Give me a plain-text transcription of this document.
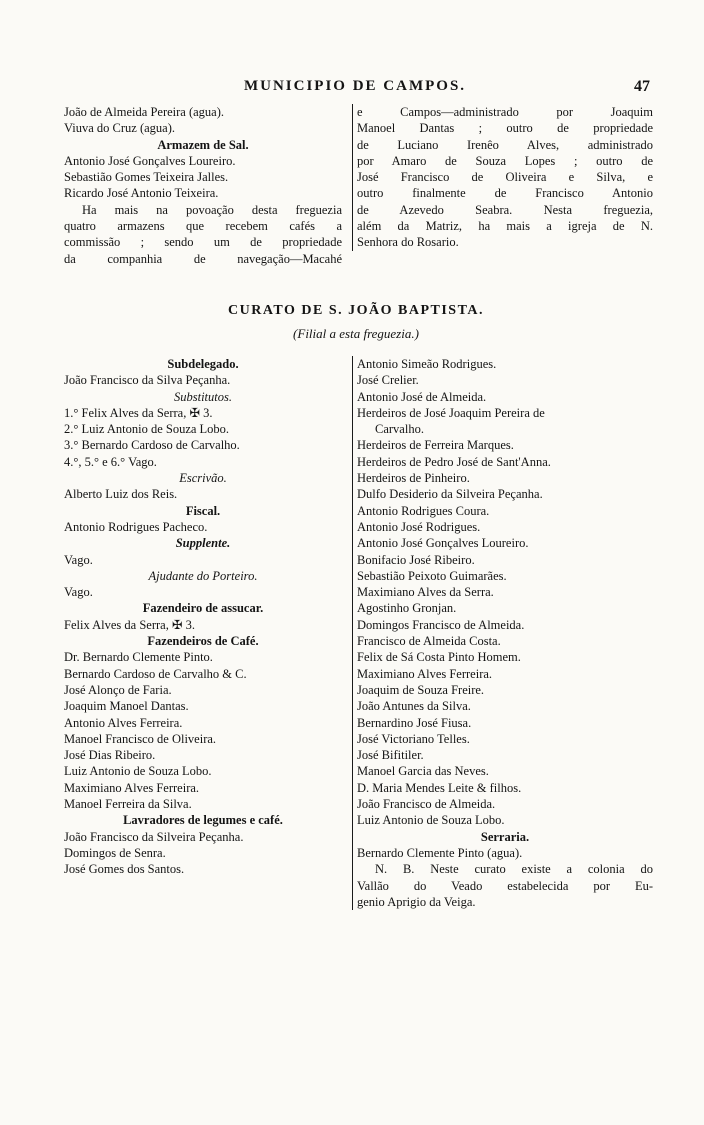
MUNICIPIO DE CAMPOS.	47
João de Almeida Pereira (agua).
Viuva do Cruz (agua).
Armazem de Sal.
Antonio José Gonçalves Loureiro.
Sebastião Gomes Teixeira Jalles.
Ricardo José Antonio Teixeira.
Ha mais na povoação desta freguezia
quatro armazens que recebem cafés a
commissão ; sendo um de propriedade
da companhia de navegação—Macahé
e Campos—administrado por Joaquim
Manoel Dantas ; outro de propriedade
de Luciano Irenêo Alves, administrado
por Amaro de Souza Lopes ; outro de
José Francisco de Oliveira e Silva, e
outro finalmente de Francisco Antonio
de Azevedo Seabra. Nesta freguezia,
além da Matriz, ha mais a igreja de N.
Senhora do Rosario.
CURATO DE S. JOÃO BAPTISTA.
(Filial a esta freguezia.)
Subdelegado.
João Francisco da Silva Peçanha.
Substitutos.
1.° Felix Alves da Serra, ✠ 3.
2.° Luiz Antonio de Souza Lobo.
3.° Bernardo Cardoso de Carvalho.
4.°, 5.° e 6.° Vago.
Escrivão.
Alberto Luiz dos Reis.
Fiscal.
Antonio Rodrigues Pacheco.
Supplente.
Vago.
Ajudante do Porteiro.
Vago.
Fazendeiro de assucar.
Felix Alves da Serra, ✠ 3.
Fazendeiros de Café.
Dr. Bernardo Clemente Pinto.
Bernardo Cardoso de Carvalho & C.
José Alonço de Faria.
Joaquim Manoel Dantas.
Antonio Alves Ferreira.
Manoel Francisco de Oliveira.
José Dias Ribeiro.
Luiz Antonio de Souza Lobo.
Maximiano Alves Ferreira.
Manoel Ferreira da Silva.
Lavradores de legumes e café.
João Francisco da Silveira Peçanha.
Domingos de Senra.
José Gomes dos Santos.
Antonio Simeão Rodrigues.
José Crelier.
Antonio José de Almeida.
Herdeiros de José Joaquim Pereira de
Carvalho.
Herdeiros de Ferreira Marques.
Herdeiros de Pedro José de Sant'Anna.
Herdeiros de Pinheiro.
Dulfo Desiderio da Silveira Peçanha.
Antonio Rodrigues Coura.
Antonio José Rodrigues.
Antonio José Gonçalves Loureiro.
Bonifacio José Ribeiro.
Sebastião Peixoto Guimarães.
Maximiano Alves da Serra.
Agostinho Gronjan.
Domingos Francisco de Almeida.
Francisco de Almeida Costa.
Felix de Sá Costa Pinto Homem.
Maximiano Alves Ferreira.
Joaquim de Souza Freire.
João Antunes da Silva.
Bernardino José Fiusa.
José Victoriano Telles.
José Bifitiler.
Manoel Garcia das Neves.
D. Maria Mendes Leite & filhos.
João Francisco de Almeida.
Luiz Antonio de Souza Lobo.
Serraria.
Bernardo Clemente Pinto (agua).
N. B. Neste curato existe a colonia do
Vallão do Veado estabelecida por Eu-
genio Aprigio da Veiga.
